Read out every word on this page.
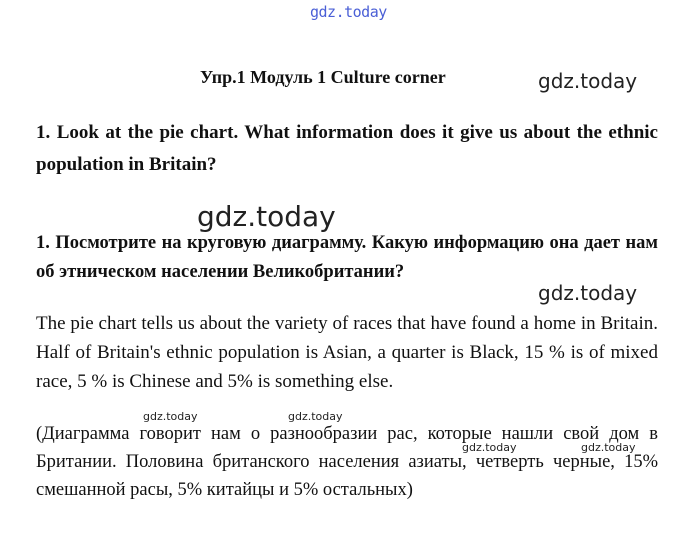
gdz.today
Упр.1 Модуль 1 Culture corner	gdz.today

1. Look at the pie chart. What information does it give us about the ethnic population in Britain?

gdz.today

1. Посмотрите на круговую диаграмму. Какую информацию она дает нам об этническом населении Великобритании?

gdz.today

The pie chart tells us about the variety of races that have found a home in Britain. Half of Britain's ethnic population is Asian, a quarter is Black, 15 % is of mixed race, 5 % is Chinese and 5% is something else.

gdz.today	gdz.today

(Диаграмма говорит нам о разнообразии рас, которые нашли свой дом в Британии. Половина британского населения азиаты, четверть черные, 15% смешанной расы, 5% китайцы и 5% остальных)

gdz.today	gdz.today
